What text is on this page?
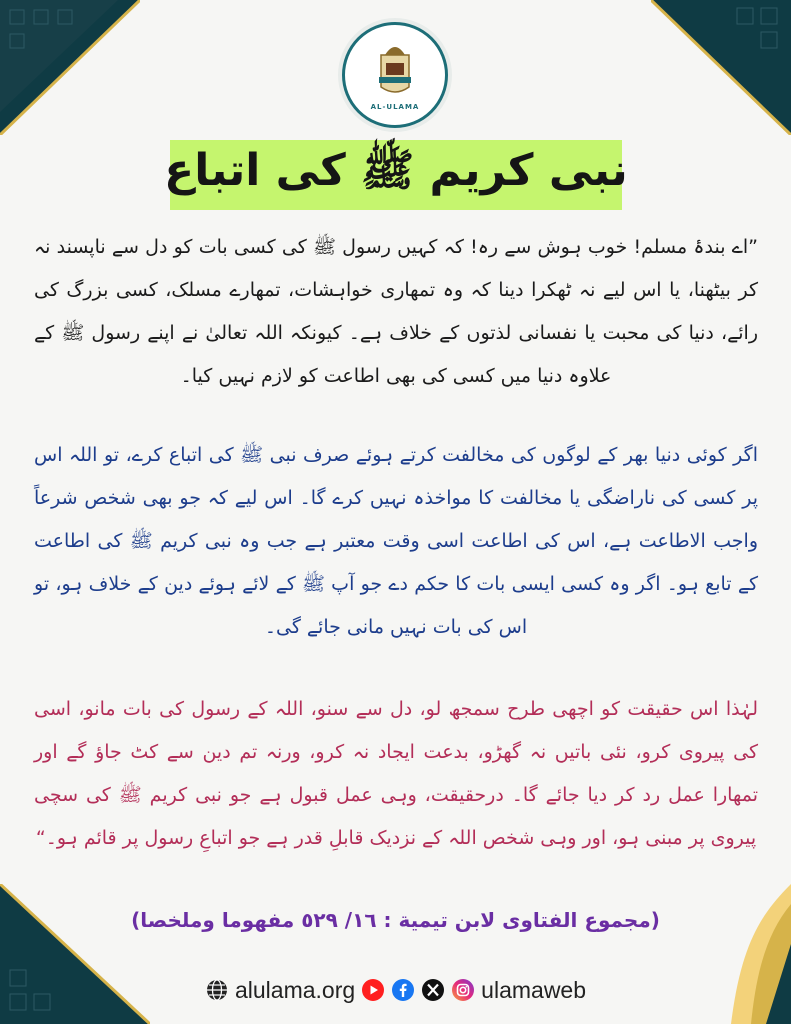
AL-ULAMA
نبی کریم ﷺ کی اتباع

”اے بندۂ مسلم! خوب ہوش سے رہ! کہ کہیں رسول ﷺ کی کسی بات کو دل سے ناپسند نہ کر بیٹھنا، یا اس لیے نہ ٹھکرا دینا کہ وہ تمھاری خواہشات، تمھارے مسلک، کسی بزرگ کی رائے، دنیا کی محبت یا نفسانی لذتوں کے خلاف ہے۔ کیونکہ اللہ تعالیٰ نے اپنے رسول ﷺ کے علاوہ دنیا میں کسی کی بھی اطاعت کو لازم نہیں کیا۔

اگر کوئی دنیا بھر کے لوگوں کی مخالفت کرتے ہوئے صرف نبی ﷺ کی اتباع کرے، تو اللہ اس پر کسی کی ناراضگی یا مخالفت کا مواخذہ نہیں کرے گا۔ اس لیے کہ جو بھی شخص شرعاً واجب الاطاعت ہے، اس کی اطاعت اسی وقت معتبر ہے جب وہ نبی کریم ﷺ کی اطاعت کے تابع ہو۔ اگر وہ کسی ایسی بات کا حکم دے جو آپ ﷺ کے لائے ہوئے دین کے خلاف ہو، تو اس کی بات نہیں مانی جائے گی۔

لہٰذا اس حقیقت کو اچھی طرح سمجھ لو، دل سے سنو، اللہ کے رسول کی بات مانو، اسی کی پیروی کرو، نئی باتیں نہ گھڑو، بدعت ایجاد نہ کرو، ورنہ تم دین سے کٹ جاؤ گے اور تمھارا عمل رد کر دیا جائے گا۔ درحقیقت، وہی عمل قبول ہے جو نبی کریم ﷺ کی سچی پیروی پر مبنی ہو، اور وہی شخص اللہ کے نزدیک قابلِ قدر ہے جو اتباعِ رسول پر قائم ہو۔“

(مجموع الفتاوى لابن تيمية : ١٦/ ٥٢٩ مفهوما وملخصا)
alulama.org	ulamaweb
